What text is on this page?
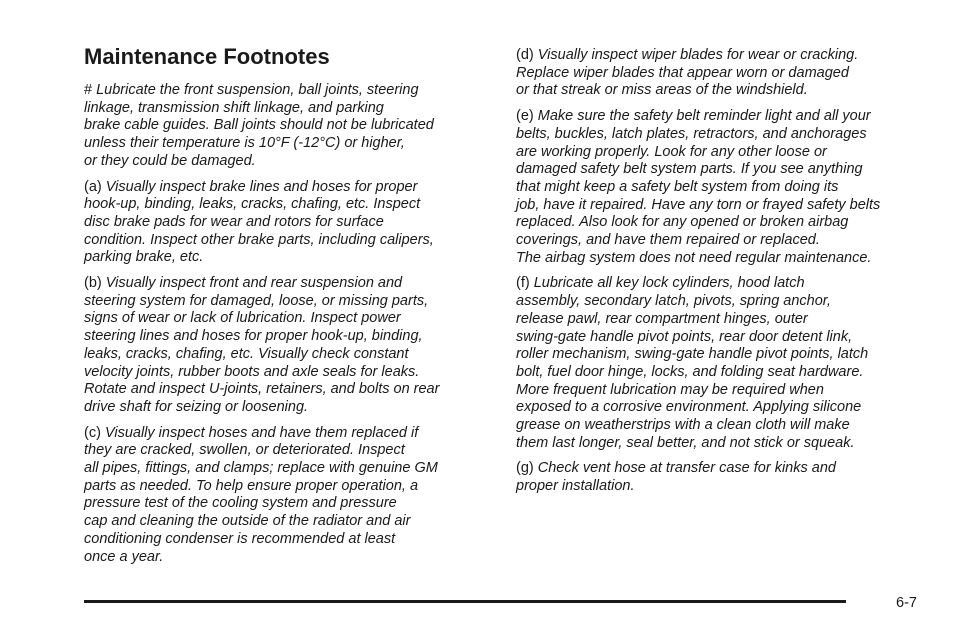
Maintenance Footnotes
# Lubricate the front suspension, ball joints, steering
linkage, transmission shift linkage, and parking
brake cable guides. Ball joints should not be lubricated
unless their temperature is 10°F (-12°C) or higher,
or they could be damaged.
(a) Visually inspect brake lines and hoses for proper
hook-up, binding, leaks, cracks, chafing, etc. Inspect
disc brake pads for wear and rotors for surface
condition. Inspect other brake parts, including calipers,
parking brake, etc.
(b) Visually inspect front and rear suspension and
steering system for damaged, loose, or missing parts,
signs of wear or lack of lubrication. Inspect power
steering lines and hoses for proper hook-up, binding,
leaks, cracks, chafing, etc. Visually check constant
velocity joints, rubber boots and axle seals for leaks.
Rotate and inspect U-joints, retainers, and bolts on rear
drive shaft for seizing or loosening.
(c) Visually inspect hoses and have them replaced if
they are cracked, swollen, or deteriorated. Inspect
all pipes, fittings, and clamps; replace with genuine GM
parts as needed. To help ensure proper operation, a
pressure test of the cooling system and pressure
cap and cleaning the outside of the radiator and air
conditioning condenser is recommended at least
once a year.
(d) Visually inspect wiper blades for wear or cracking.
Replace wiper blades that appear worn or damaged
or that streak or miss areas of the windshield.
(e) Make sure the safety belt reminder light and all your
belts, buckles, latch plates, retractors, and anchorages
are working properly. Look for any other loose or
damaged safety belt system parts. If you see anything
that might keep a safety belt system from doing its
job, have it repaired. Have any torn or frayed safety belts
replaced. Also look for any opened or broken airbag
coverings, and have them repaired or replaced.
The airbag system does not need regular maintenance.
(f) Lubricate all key lock cylinders, hood latch
assembly, secondary latch, pivots, spring anchor,
release pawl, rear compartment hinges, outer
swing-gate handle pivot points, rear door detent link,
roller mechanism, swing-gate handle pivot points, latch
bolt, fuel door hinge, locks, and folding seat hardware.
More frequent lubrication may be required when
exposed to a corrosive environment. Applying silicone
grease on weatherstrips with a clean cloth will make
them last longer, seal better, and not stick or squeak.
(g) Check vent hose at transfer case for kinks and
proper installation.
6-7
